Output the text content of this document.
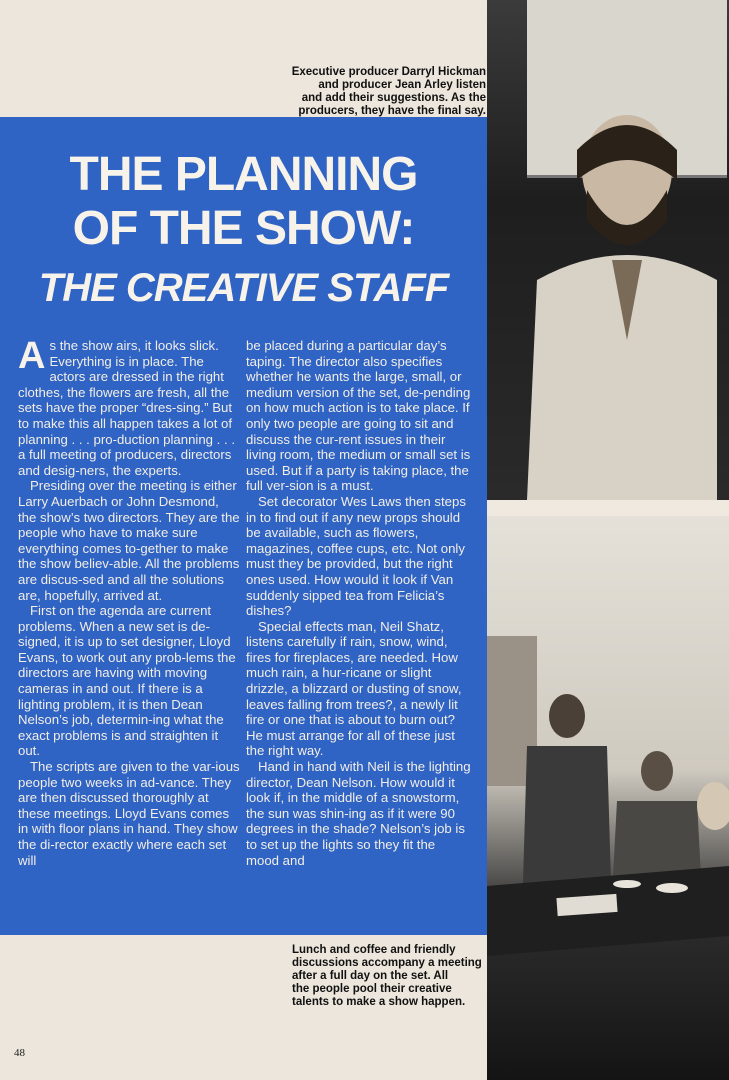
Executive producer Darryl Hickman
and producer Jean Arley listen
and add their suggestions. As the
producers, they have the final say.
THE PLANNING
OF THE SHOW:
THE CREATIVE STAFF

As the show airs, it looks slick. Everything is in place. The actors are dressed in the right clothes, the flowers are fresh, all the sets have the proper “dres-sing.” But to make this all happen takes a lot of planning . . . pro-duction planning . . . a full meeting of producers, directors and desig-ners, the experts.

Presiding over the meeting is either Larry Auerbach or John Desmond, the show’s two directors. They are the people who have to make sure everything comes to-gether to make the show believ-able. All the problems are discus-sed and all the solutions are, hopefully, arrived at.

First on the agenda are current problems. When a new set is de-signed, it is up to set designer, Lloyd Evans, to work out any prob-lems the directors are having with moving cameras in and out. If there is a lighting problem, it is then Dean Nelson’s job, determin-ing what the exact problems is and straighten it out.

The scripts are given to the var-ious people two weeks in ad-vance. They are then discussed thoroughly at these meetings. Lloyd Evans comes in with floor plans in hand. They show the di-rector exactly where each set will

be placed during a particular day’s taping. The director also specifies whether he wants the large, small, or medium version of the set, de-pending on how much action is to take place. If only two people are going to sit and discuss the cur-rent issues in their living room, the medium or small set is used. But if a party is taking place, the full ver-sion is a must.

Set decorator Wes Laws then steps in to find out if any new props should be available, such as flowers, magazines, coffee cups, etc. Not only must they be provided, but the right ones used. How would it look if Van suddenly sipped tea from Felicia’s dishes?

Special effects man, Neil Shatz, listens carefully if rain, snow, wind, fires for fireplaces, are needed. How much rain, a hur-ricane or slight drizzle, a blizzard or dusting of snow, leaves falling from trees?, a newly lit fire or one that is about to burn out? He must arrange for all of these just the right way.

Hand in hand with Neil is the lighting director, Dean Nelson. How would it look if, in the middle of a snowstorm, the sun was shin-ing as if it were 90 degrees in the shade? Nelson’s job is to set up the lights so they fit the mood and

Lunch and coffee and friendly
discussions accompany a meeting
after a full day on the set. All
the people pool their creative
talents to make a show happen.
48
